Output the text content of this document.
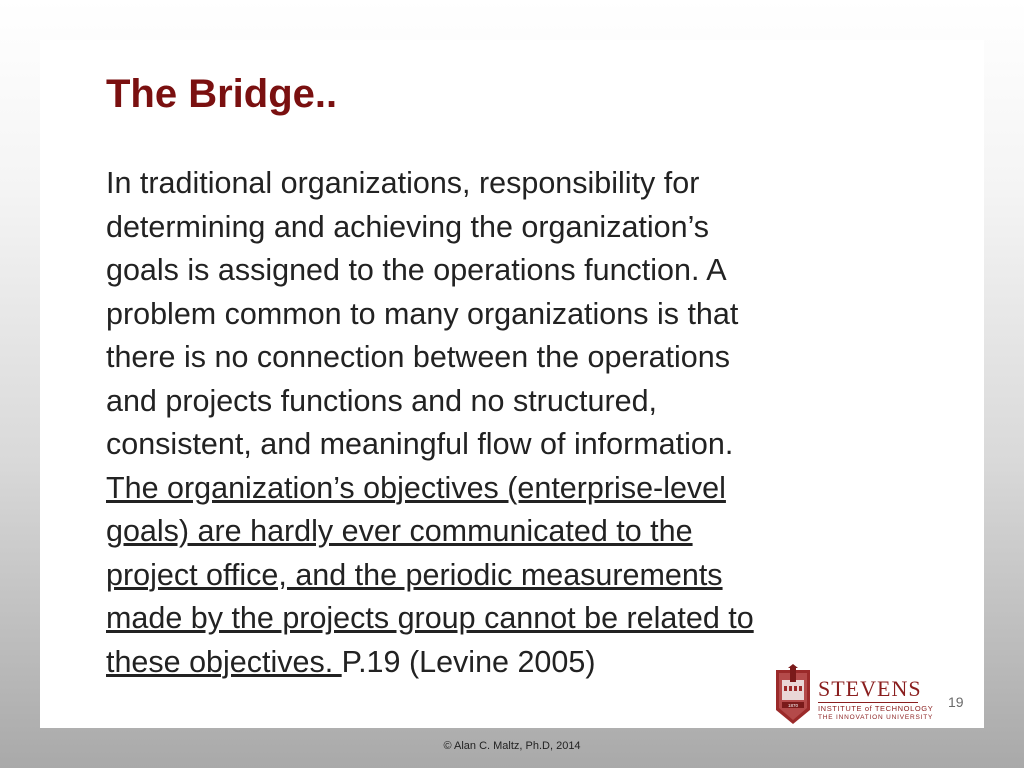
The Bridge..

In traditional organizations, responsibility for
determining and achieving the organization’s
goals is assigned to the operations function. A
problem common to many organizations is that
there is no connection between the operations
and projects functions and no structured,
consistent, and meaningful flow of information.
The organization’s objectives (enterprise-level
goals) are hardly ever communicated to the
project office, and the periodic measurements
made by the projects group cannot be related to
these objectives. P.19 (Levine 2005)

1870
STEVENS
INSTITUTE of TECHNOLOGY
THE INNOVATION UNIVERSITY
19
© Alan C. Maltz, Ph.D, 2014
